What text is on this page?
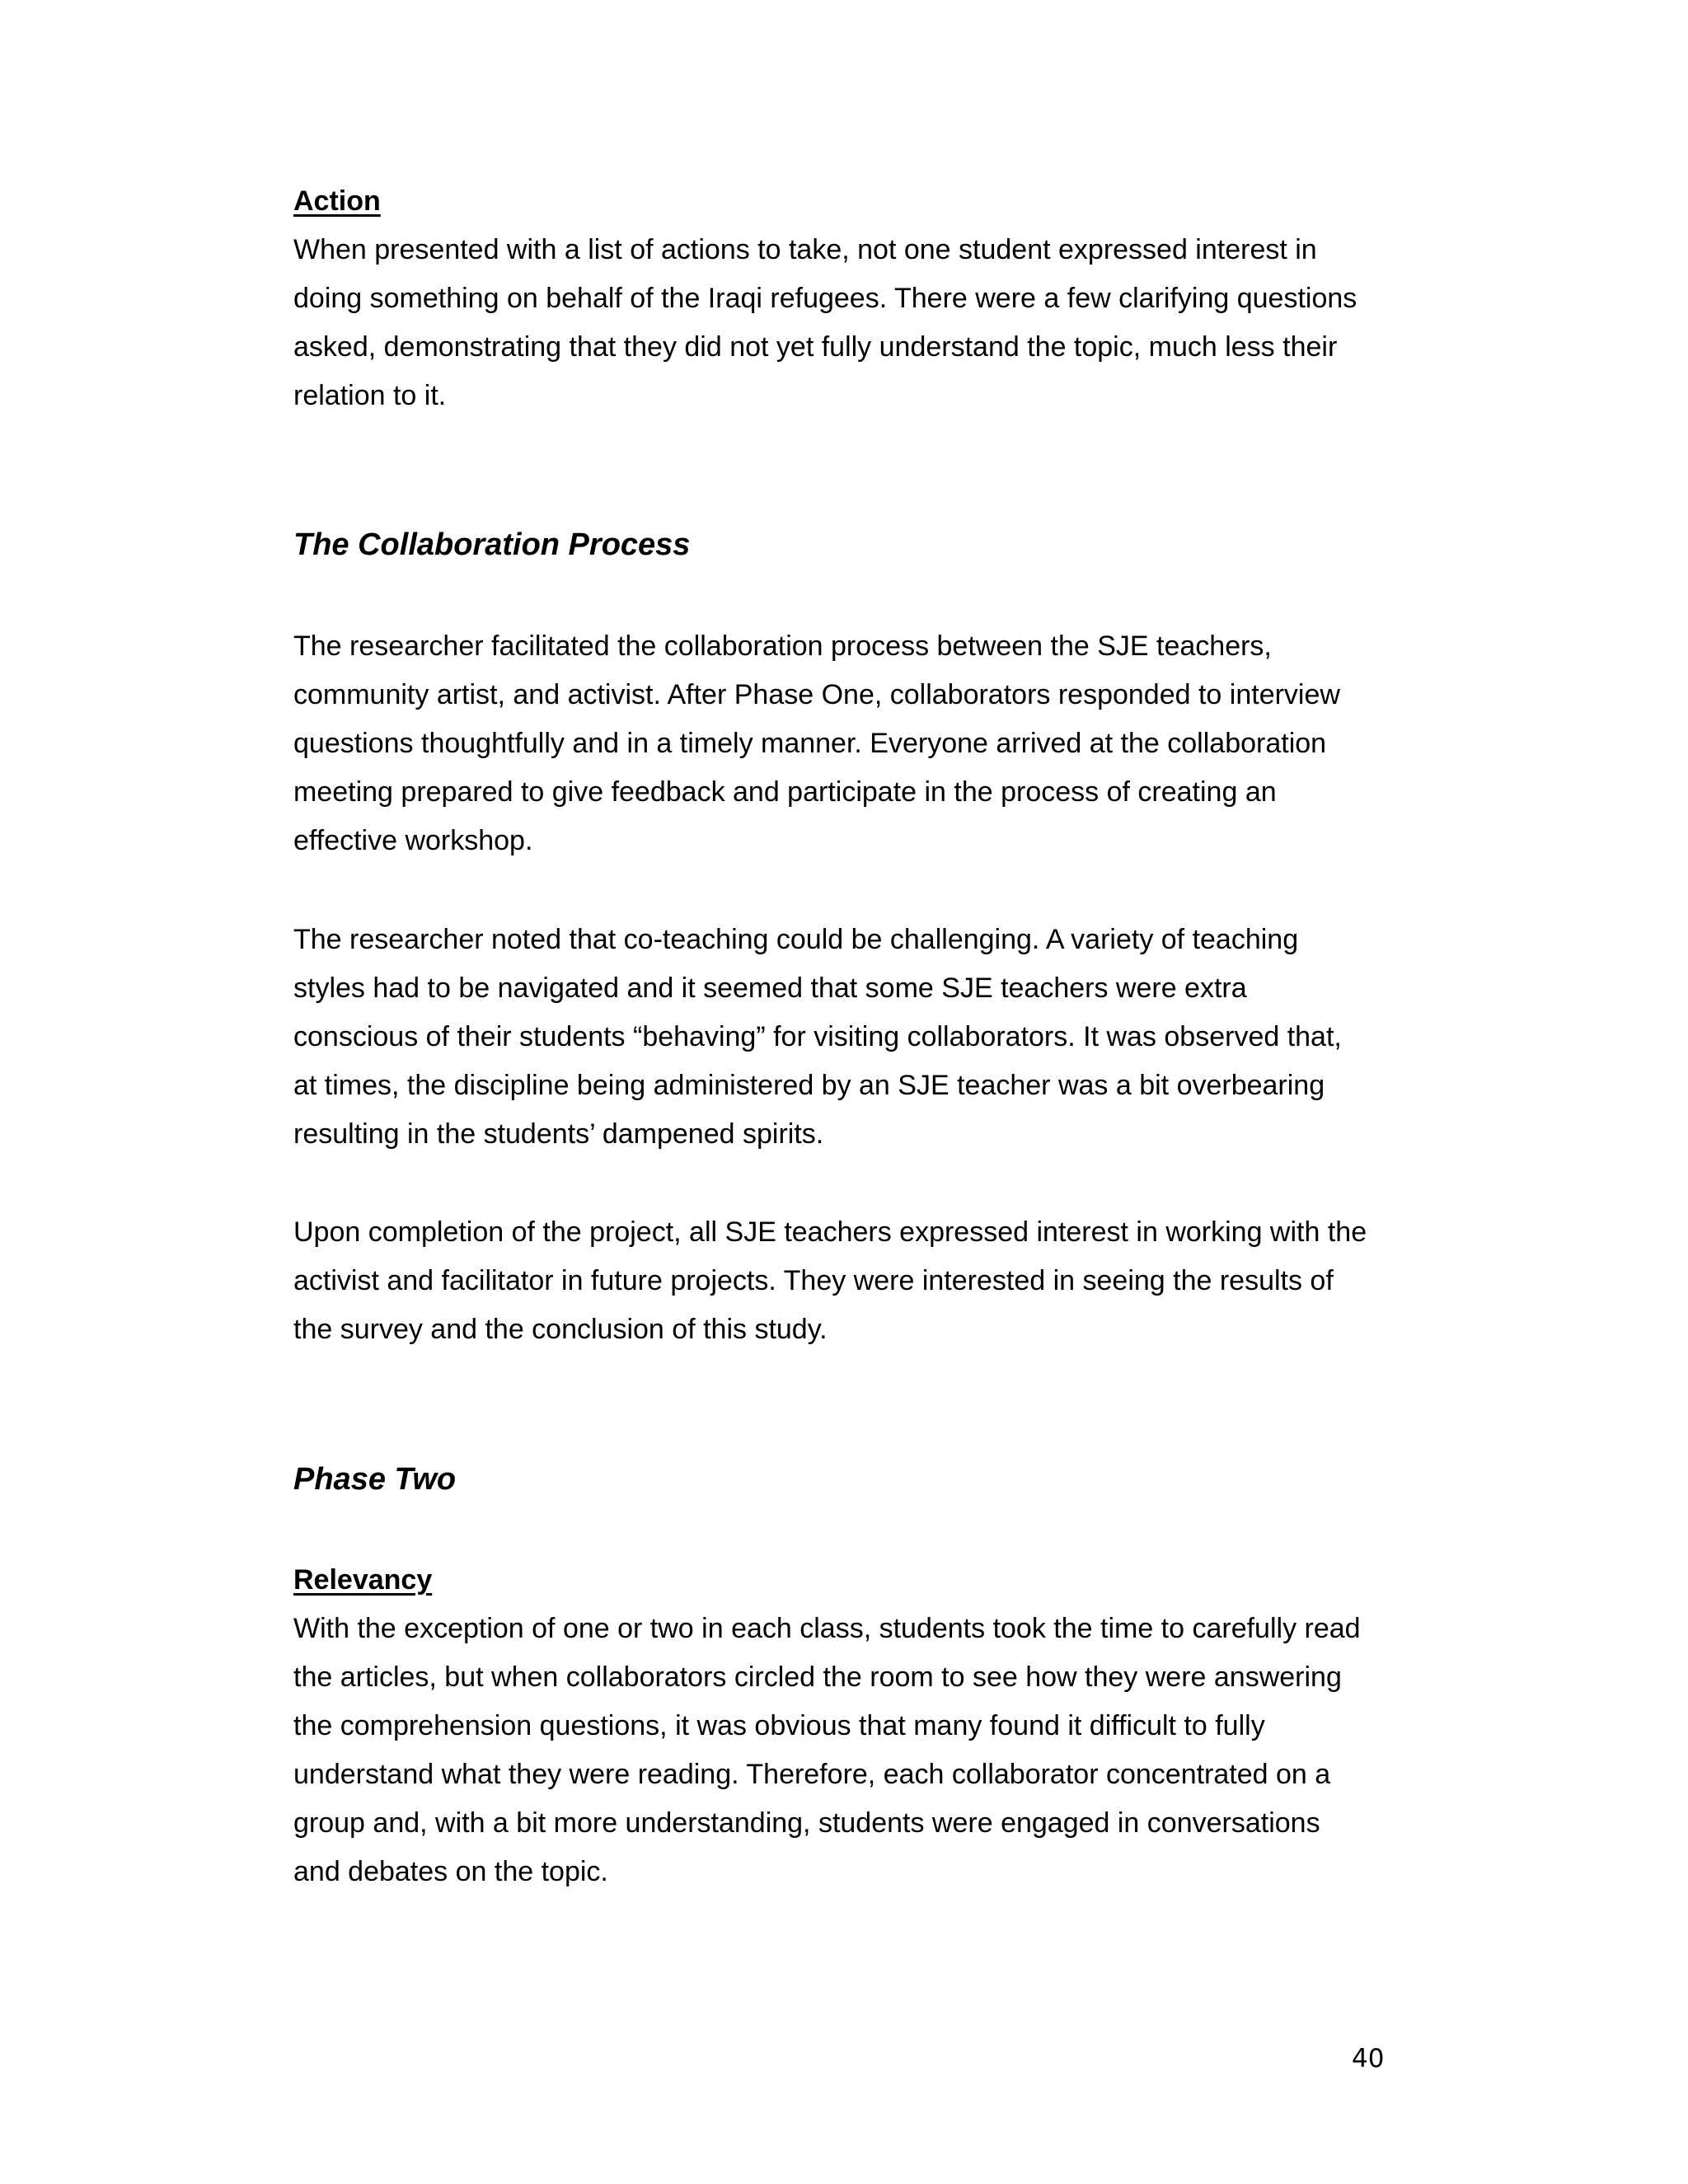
Action
When presented with a list of actions to take, not one student expressed interest in
doing something on behalf of the Iraqi refugees. There were a few clarifying questions
asked, demonstrating that they did not yet fully understand the topic, much less their
relation to it.
The Collaboration Process
The researcher facilitated the collaboration process between the SJE teachers,
community artist, and activist. After Phase One, collaborators responded to interview
questions thoughtfully and in a timely manner. Everyone arrived at the collaboration
meeting prepared to give feedback and participate in the process of creating an
effective workshop.
The researcher noted that co-teaching could be challenging. A variety of teaching
styles had to be navigated and it seemed that some SJE teachers were extra
conscious of their students “behaving” for visiting collaborators. It was observed that,
at times, the discipline being administered by an SJE teacher was a bit overbearing
resulting in the students’ dampened spirits.
Upon completion of the project, all SJE teachers expressed interest in working with the
activist and facilitator in future projects. They were interested in seeing the results of
the survey and the conclusion of this study.
Phase Two
Relevancy
With the exception of one or two in each class, students took the time to carefully read
the articles, but when collaborators circled the room to see how they were answering
the comprehension questions, it was obvious that many found it difficult to fully
understand what they were reading. Therefore, each collaborator concentrated on a
group and, with a bit more understanding, students were engaged in conversations
and debates on the topic.
40
